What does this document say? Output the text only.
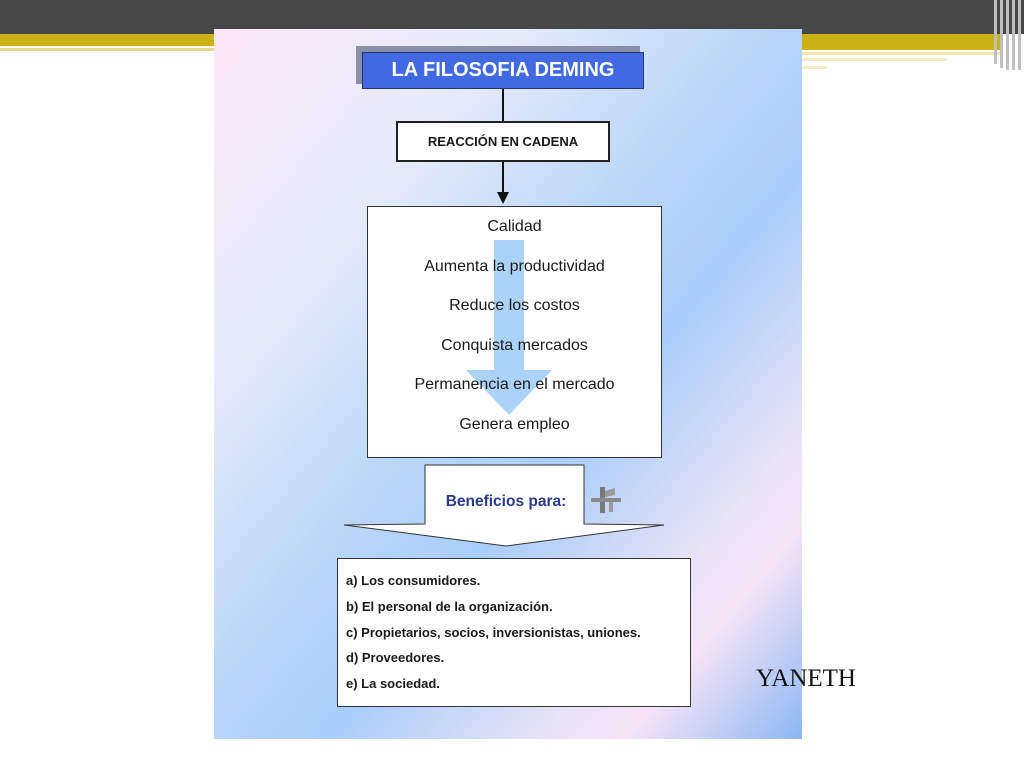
LA FILOSOFIA DEMING
REACCIÓN EN CADENA
Calidad
Aumenta la productividad
Reduce los costos
Conquista mercados
Permanencia en el mercado
Genera empleo
Beneficios para:
a) Los consumidores.
b) El personal de la organización.
c) Propietarios, socios, inversionistas, uniones.
d) Proveedores.
e) La sociedad.	YANETH
